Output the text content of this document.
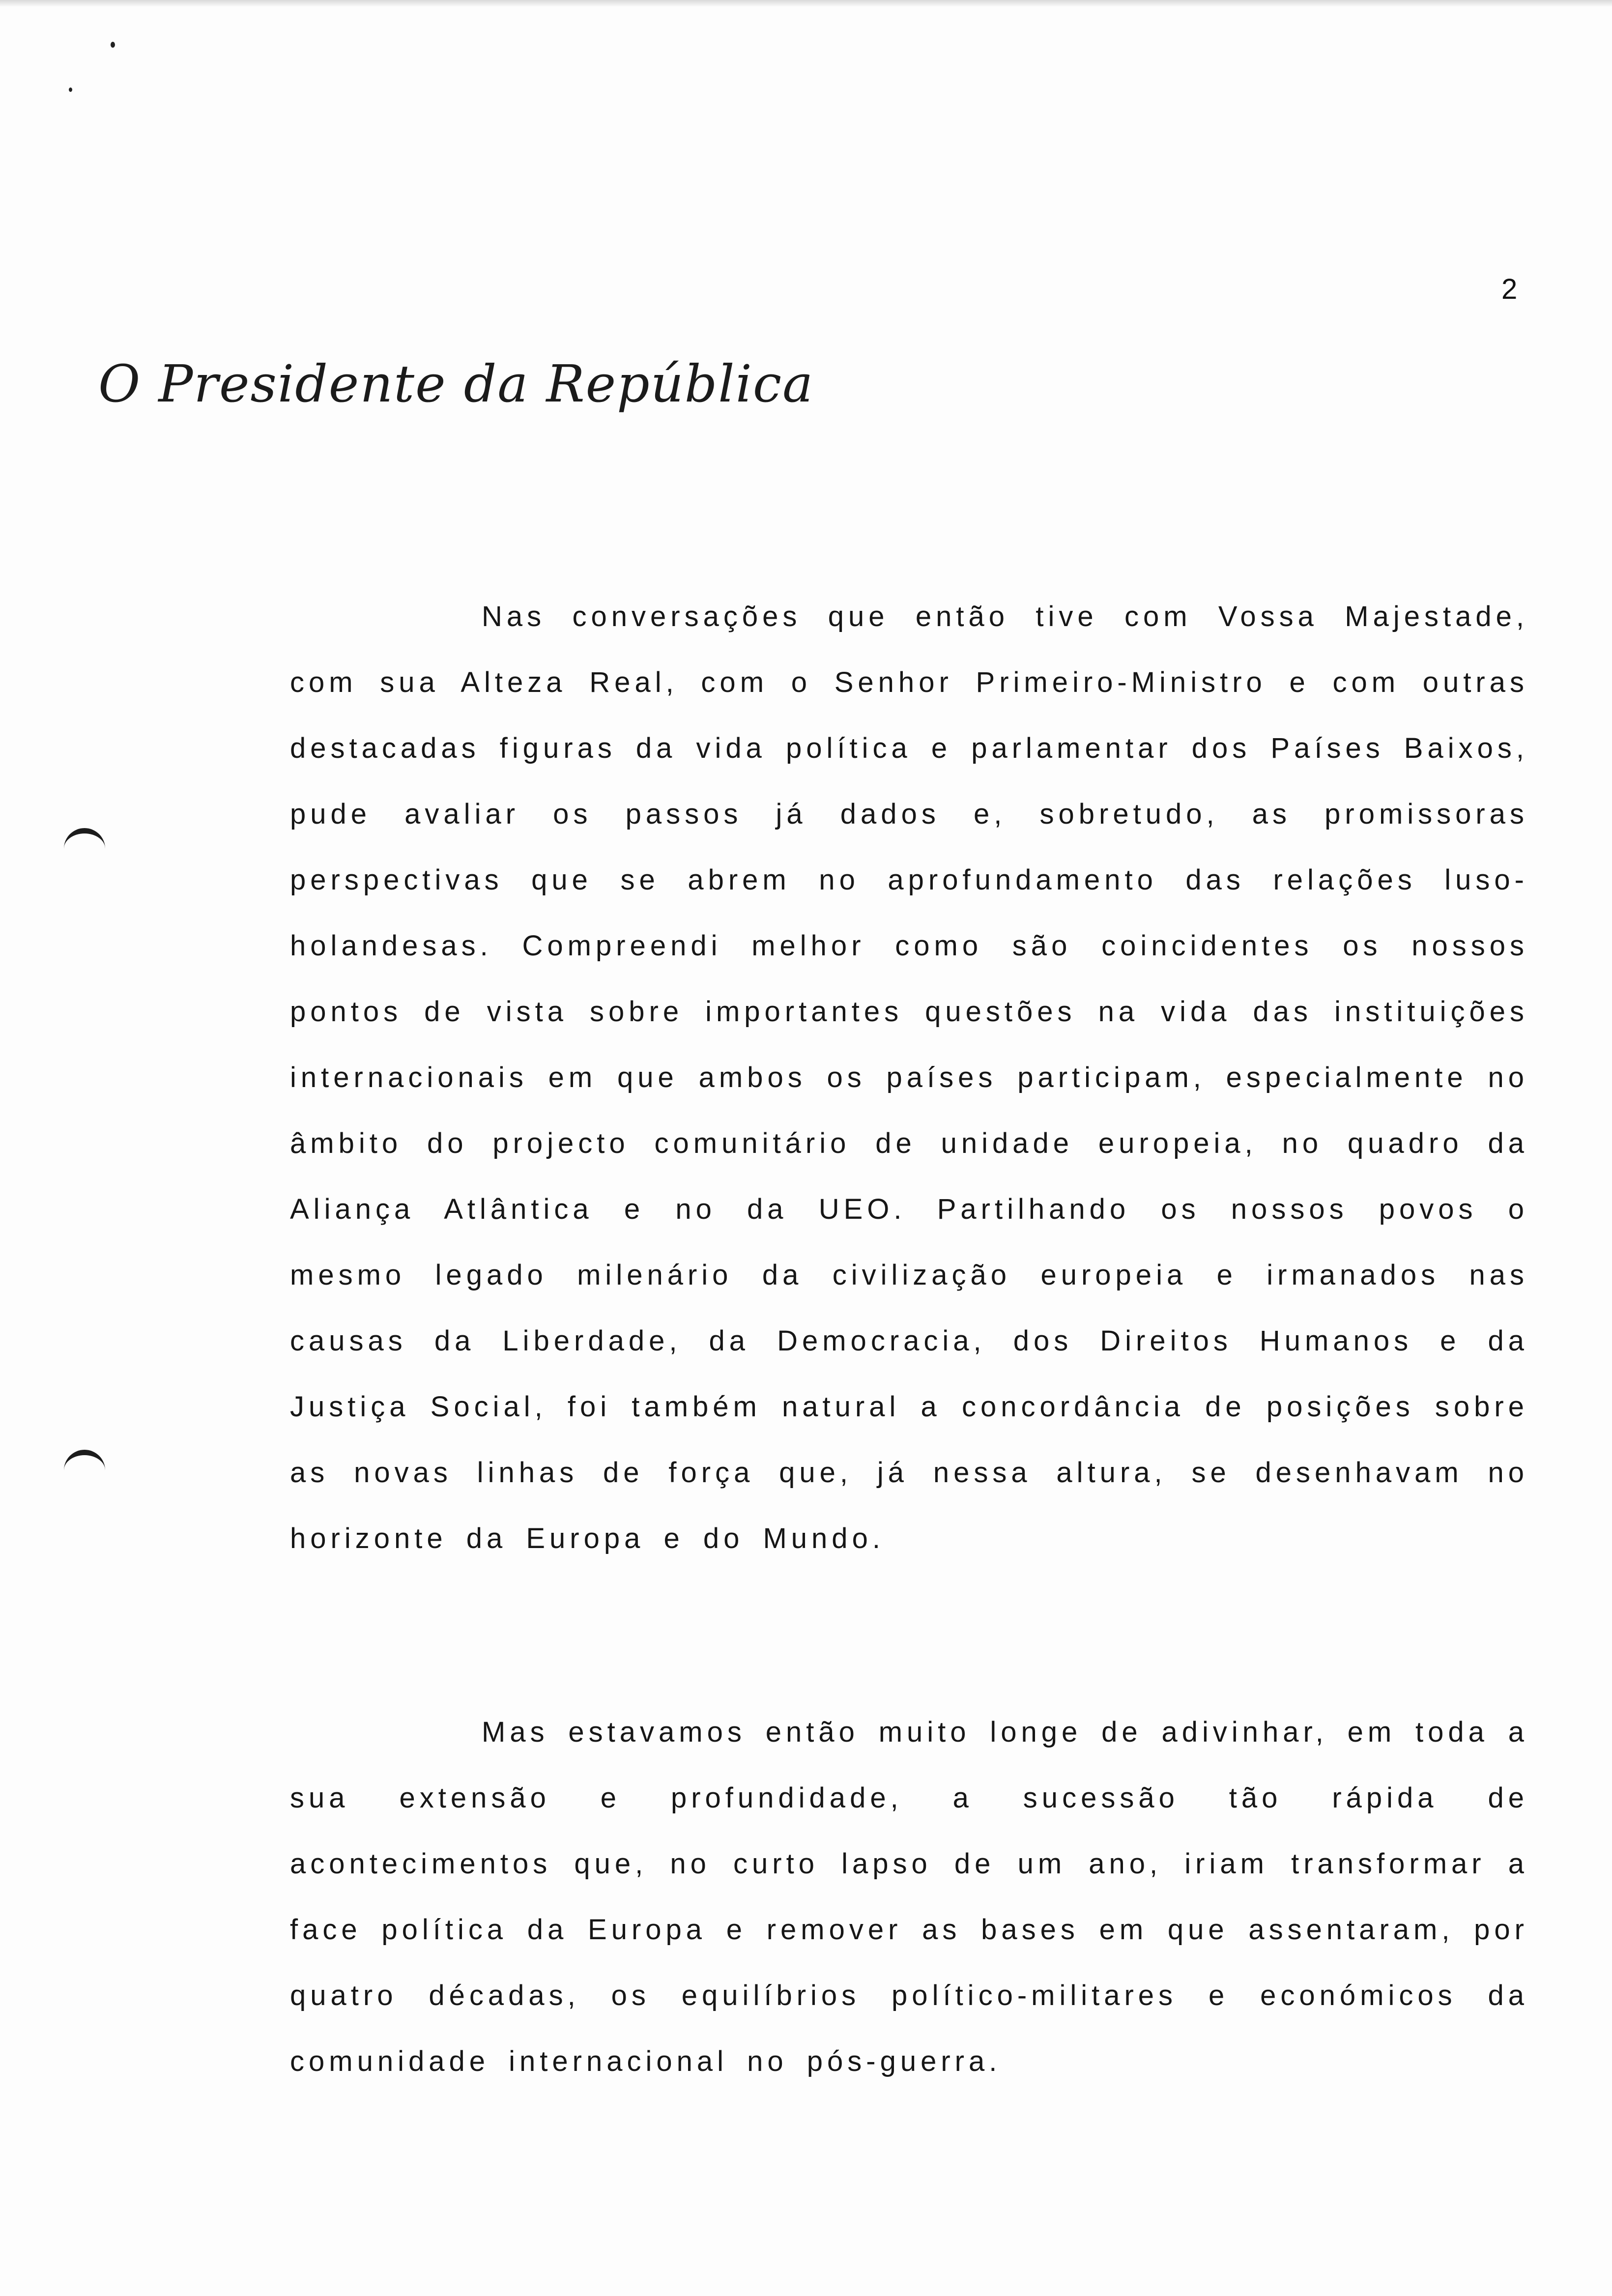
2
O Presidente da República

Nas conversações que então tive com Vossa Majestade, com sua Alteza Real, com o Senhor Primeiro-Ministro e com outras destacadas figuras da vida política e parlamentar dos Países Baixos, pude avaliar os passos já dados e, sobretudo, as promissoras perspectivas que se abrem no aprofundamento das relações luso-holandesas. Compreendi melhor como são coincidentes os nossos pontos de vista sobre importantes questões na vida das instituições internacionais em que ambos os países participam, especialmente no âmbito do projecto comunitário de unidade europeia, no quadro da Aliança Atlântica e no da UEO. Partilhando os nossos povos o mesmo legado milenário da civilização europeia e irmanados nas causas da Liberdade, da Democracia, dos Direitos Humanos e da Justiça Social, foi também natural a concordância de posições sobre as novas linhas de força que, já nessa altura, se desenhavam no horizonte da Europa e do Mundo.

Mas estavamos então muito longe de adivinhar, em toda a sua extensão e profundidade, a sucessão tão rápida de acontecimentos que, no curto lapso de um ano, iriam transformar a face política da Europa e remover as bases em que assentaram, por quatro décadas, os equilíbrios político-militares e económicos da comunidade internacional no pós-guerra.
